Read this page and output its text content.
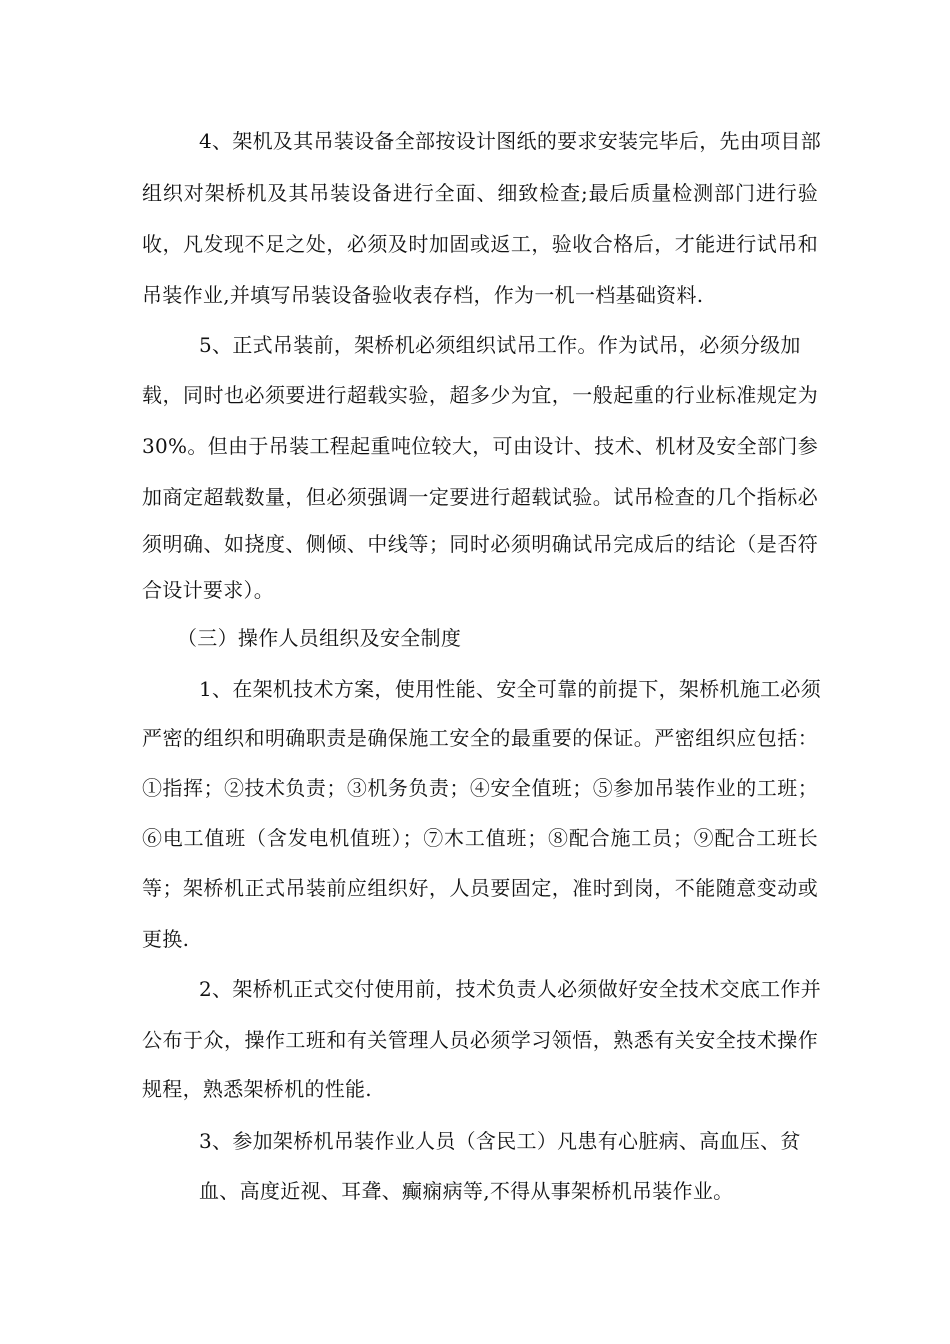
4、架机及其吊装设备全部按设计图纸的要求安装完毕后，先由项目部
组织对架桥机及其吊装设备进行全面、细致检查;最后质量检测部门进行验
收，凡发现不足之处，必须及时加固或返工，验收合格后，才能进行试吊和
吊装作业,并填写吊装设备验收表存档，作为一机一档基础资料.
5、正式吊装前，架桥机必须组织试吊工作。作为试吊，必须分级加
载，同时也必须要进行超载实验，超多少为宜，一般起重的行业标准规定为
30%。但由于吊装工程起重吨位较大，可由设计、技术、机材及安全部门参
加商定超载数量，但必须强调一定要进行超载试验。试吊检查的几个指标必
须明确、如挠度、侧倾、中线等；同时必须明确试吊完成后的结论（是否符
合设计要求）。
（三）操作人员组织及安全制度
1、在架机技术方案，使用性能、安全可靠的前提下，架桥机施工必须
严密的组织和明确职责是确保施工安全的最重要的保证。严密组织应包括：
①指挥；②技术负责；③机务负责；④安全值班；⑤参加吊装作业的工班；
⑥电工值班（含发电机值班）；⑦木工值班；⑧配合施工员；⑨配合工班长
等；架桥机正式吊装前应组织好，人员要固定，准时到岗，不能随意变动或
更换.
2、架桥机正式交付使用前，技术负责人必须做好安全技术交底工作并
公布于众，操作工班和有关管理人员必须学习领悟，熟悉有关安全技术操作
规程，熟悉架桥机的性能.
3、参加架桥机吊装作业人员（含民工）凡患有心脏病、高血压、贫
血、高度近视、耳聋、癫痫病等,不得从事架桥机吊装作业。
